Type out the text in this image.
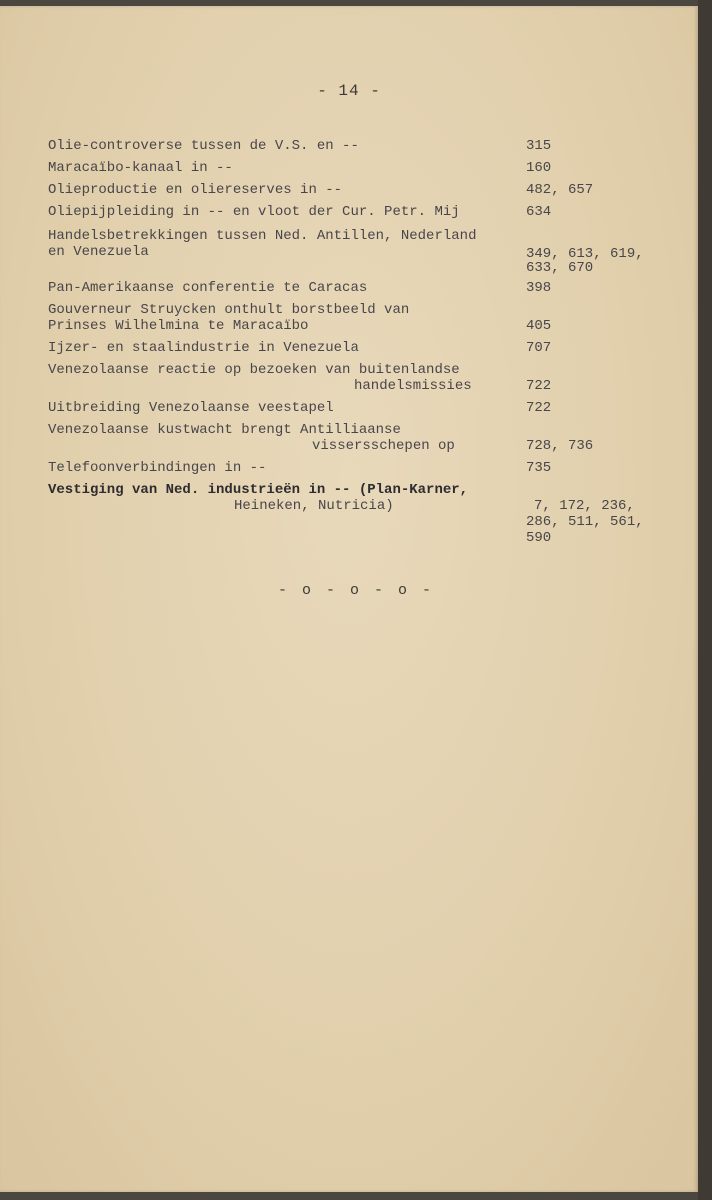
- 14 -
Olie-controverse tussen de V.S. en --	315
Maracaïbo-kanaal in --	160
Olieproductie en oliereserves in --	482, 657
Oliepijpleiding in -- en vloot der Cur. Petr. Mij	634
Handelsbetrekkingen tussen Ned. Antillen, Nederland
en Venezuela	349, 613, 619,
633, 670
Pan-Amerikaanse conferentie te Caracas	398
Gouverneur Struycken onthult borstbeeld van
Prinses Wilhelmina te Maracaïbo	405
Ijzer- en staalindustrie in Venezuela	707
Venezolaanse reactie op bezoeken van buitenlandse
handelsmissies	722
Uitbreiding Venezolaanse veestapel	722
Venezolaanse kustwacht brengt Antilliaanse
vissersschepen op	728, 736
Telefoonverbindingen in --	735
Vestiging van Ned. industrieën in -- (Plan-Karner,
Heineken, Nutricia)	7, 172, 236,
286, 511, 561,
590
- o - o - o -
